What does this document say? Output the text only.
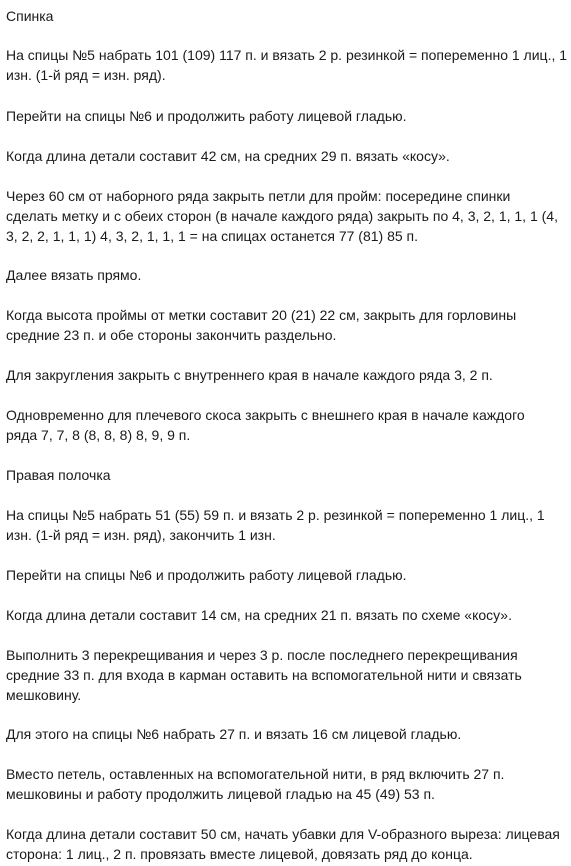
Спинка
На спицы №5 набрать 101 (109) 117 п. и вязать 2 р. резинкой = попеременно 1 лиц., 1
изн. (1-й ряд = изн. ряд).
Перейти на спицы №6 и продолжить работу лицевой гладью.
Когда длина детали составит 42 см, на средних 29 п. вязать «косу».
Через 60 см от наборного ряда закрыть петли для пройм: посередине спинки
сделать метку и с обеих сторон (в начале каждого ряда) закрыть по 4, 3, 2, 1, 1, 1 (4,
3, 2, 2, 1, 1, 1) 4, 3, 2, 1, 1, 1 = на спицах останется 77 (81) 85 п.
Далее вязать прямо.
Когда высота проймы от метки составит 20 (21) 22 см, закрыть для горловины
средние 23 п. и обе стороны закончить раздельно.
Для закругления закрыть с внутреннего края в начале каждого ряда 3, 2 п.
Одновременно для плечевого скоса закрыть с внешнего края в начале каждого
ряда 7, 7, 8 (8, 8, 8) 8, 9, 9 п.
Правая полочка
На спицы №5 набрать 51 (55) 59 п. и вязать 2 р. резинкой = попеременно 1 лиц., 1
изн. (1-й ряд = изн. ряд), закончить 1 изн.
Перейти на спицы №6 и продолжить работу лицевой гладью.
Когда длина детали составит 14 см, на средних 21 п. вязать по схеме «косу».
Выполнить 3 перекрещивания и через 3 р. после последнего перекрещивания
средние 33 п. для входа в карман оставить на вспомогательной нити и связать
мешковину.
Для этого на спицы №6 набрать 27 п. и вязать 16 см лицевой гладью.
Вместо петель, оставленных на вспомогательной нити, в ряд включить 27 п.
мешковины и работу продолжить лицевой гладью на 45 (49) 53 п.
Когда длина детали составит 50 см, начать убавки для V-образного выреза: лицевая
сторона: 1 лиц., 2 п. провязать вместе лицевой, довязать ряд до конца.
